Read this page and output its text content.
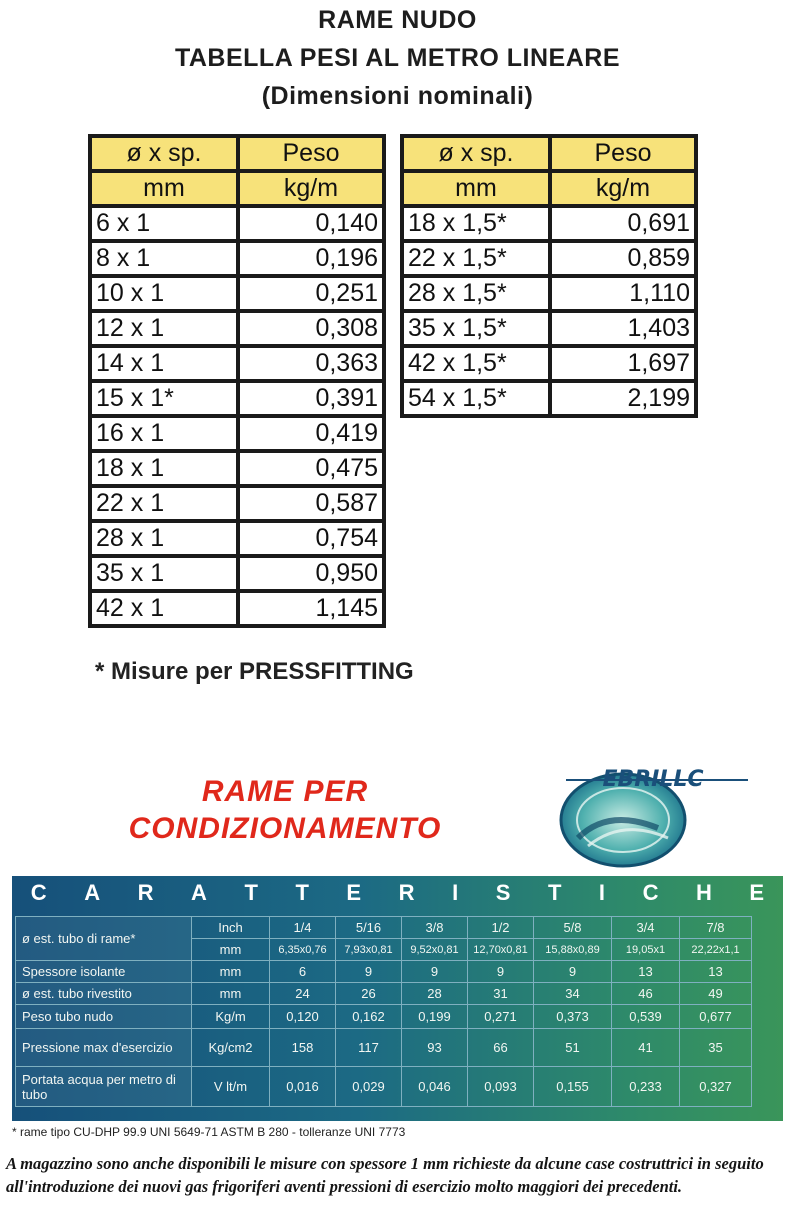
RAME NUDO
TABELLA PESI AL METRO LINEARE
(Dimensioni nominali)
ø x sp.	Peso
mm	kg/m
6 x 1	0,140
8 x 1	0,196
10 x 1	0,251
12 x 1	0,308
14 x 1	0,363
15 x 1*	0,391
16 x 1	0,419
18 x 1	0,475
22 x 1	0,587
28 x 1	0,754
35 x 1	0,950
42 x 1	1,145
ø x sp.	Peso
mm	kg/m
18 x 1,5*	0,691
22 x 1,5*	0,859
28 x 1,5*	1,110
35 x 1,5*	1,403
42 x 1,5*	1,697
54 x 1,5*	2,199
* Misure per PRESSFITTING
RAME PER
CONDIZIONAMENTO
EBRILLC
C A R A T T E R I S T I C H E
ø est. tubo di rame*	Inch	1/4	5/16	3/8	1/2	5/8	3/4	7/8
	mm	6,35x0,76	7,93x0,81	9,52x0,81	12,70x0,81	15,88x0,89	19,05x1	22,22x1,1
Spessore isolante	mm	6	9	9	9	9	13	13
ø est. tubo rivestito	mm	24	26	28	31	34	46	49
Peso tubo nudo	Kg/m	0,120	0,162	0,199	0,271	0,373	0,539	0,677
Pressione max d'esercizio	Kg/cm2	158	117	93	66	51	41	35
Portata acqua per metro di tubo	V lt/m	0,016	0,029	0,046	0,093	0,155	0,233	0,327
* rame tipo CU-DHP 99.9 UNI 5649-71 ASTM B 280 - tolleranze UNI 7773
A magazzino sono anche disponibili le misure con spessore 1 mm richieste da alcune case costruttrici in seguito all'introduzione dei nuovi gas frigoriferi aventi pressioni di esercizio molto maggiori dei precedenti.
